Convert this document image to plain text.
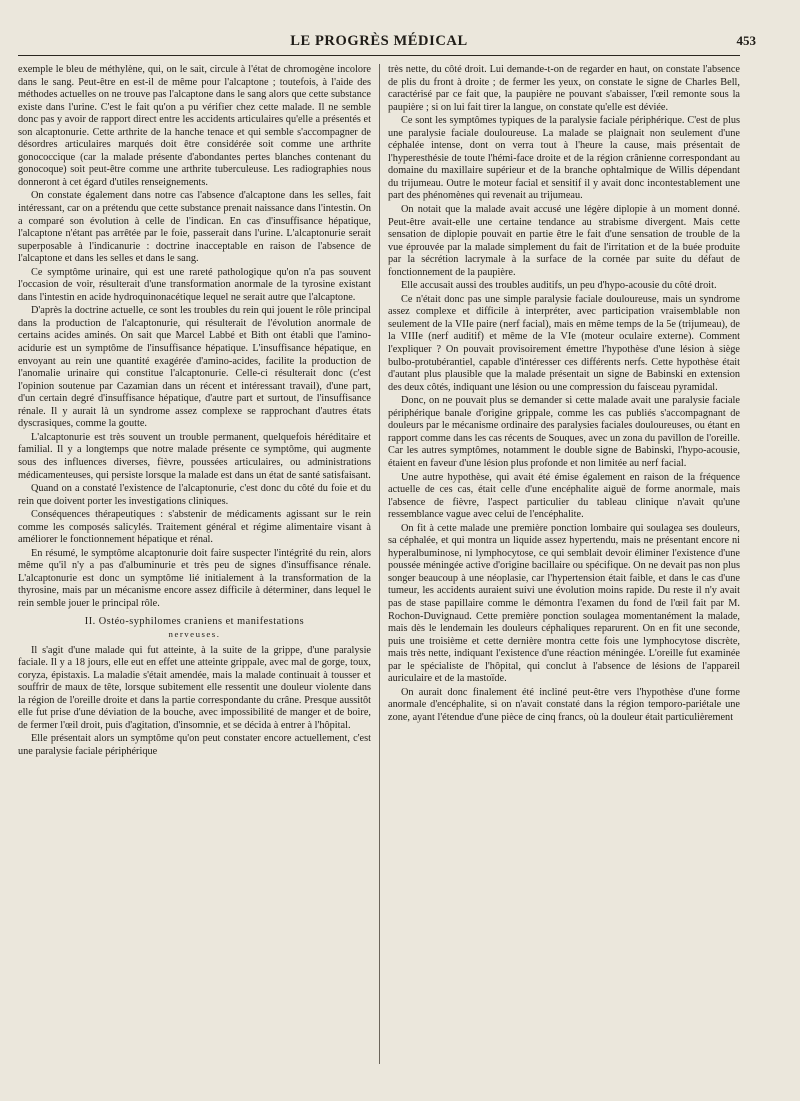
LE PROGRÈS MÉDICAL	453

exemple le bleu de méthylène, qui, on le sait, circule à l'état de chromogène incolore dans le sang. Peut-être en est-il de même pour l'alcaptone ; toutefois, à l'aide des méthodes actuelles on ne trouve pas l'alcaptone dans le sang alors que cette substance existe dans l'urine. C'est le fait qu'on a pu vérifier chez cette malade. Il ne semble donc pas y avoir de rapport direct entre les accidents articulaires qu'elle a présentés et son alcaptonurie. Cette arthrite de la hanche tenace et qui semble s'accompagner de désordres articulaires marqués doit être considérée soit comme une arthrite gonococcique (car la malade présente d'abondantes pertes blanches contenant du gonocoque) soit peut-être comme une arthrite tuberculeuse. Les radiographies nous donneront à cet égard d'utiles renseignements.

On constate également dans notre cas l'absence d'alcaptone dans les selles, fait intéressant, car on a prétendu que cette substance prenait naissance dans l'intestin. On a comparé son évolution à celle de l'indican. En cas d'insuffisance hépatique, l'alcaptone n'étant pas arrêtée par le foie, passerait dans l'urine. L'alcaptonurie serait superposable à l'indicanurie : doctrine inacceptable en raison de l'absence de l'alcaptone et dans les selles et dans le sang.

Ce symptôme urinaire, qui est une rareté pathologique qu'on n'a pas souvent l'occasion de voir, résulterait d'une transformation anormale de la tyrosine existant dans l'intestin en acide hydroquinonacétique lequel ne serait autre que l'alcaptone.

D'après la doctrine actuelle, ce sont les troubles du rein qui jouent le rôle principal dans la production de l'alcaptonurie, qui résulterait de l'évolution anormale de certains acides aminés. On sait que Marcel Labbé et Bith ont établi que l'amino-acidurie est un symptôme de l'insuffisance hépatique. L'insuffisance hépatique, en envoyant au rein une quantité exagérée d'amino-acides, facilite la production de l'anomalie urinaire qui constitue l'alcaptonurie. Celle-ci résulterait donc (c'est l'opinion soutenue par Cazamian dans un récent et intéressant travail), d'une part, d'un certain degré d'insuffisance hépatique, d'autre part et surtout, de l'insuffisance rénale. Il y aurait là un syndrome assez complexe se rapprochant d'autres états dyscrasiques, comme la goutte.

L'alcaptonurie est très souvent un trouble permanent, quelquefois héréditaire et familial. Il y a longtemps que notre malade présente ce symptôme, qui augmente sous des influences diverses, fièvre, poussées articulaires, ou administrations médicamenteuses, qui persiste lorsque la malade est dans un état de santé satisfaisant.

Quand on a constaté l'existence de l'alcaptonurie, c'est donc du côté du foie et du rein que doivent porter les investigations cliniques.

Conséquences thérapeutiques : s'abstenir de médicaments agissant sur le rein comme les composés salicylés. Traitement général et régime alimentaire visant à améliorer le fonctionnement hépatique et rénal.

En résumé, le symptôme alcaptonurie doit faire suspecter l'intégrité du rein, alors même qu'il n'y a pas d'albuminurie et très peu de signes d'insuffisance rénale. L'alcaptonurie est donc un symptôme lié initialement à la transformation de la thyrosine, mais par un mécanisme encore assez difficile à déterminer, dans lequel le rein semble jouer le principal rôle.

II. Ostéo-syphilomes craniens et manifestations
nerveuses.

Il s'agit d'une malade qui fut atteinte, à la suite de la grippe, d'une paralysie faciale. Il y a 18 jours, elle eut en effet une atteinte grippale, avec mal de gorge, toux, coryza, épistaxis. La maladie s'était amendée, mais la malade continuait à tousser et souffrir de maux de tête, lorsque subitement elle ressentit une douleur violente dans la région de l'oreille droite et dans la partie correspondante du crâne. Presque aussitôt elle fut prise d'une déviation de la bouche, avec impossibilité de manger et de boire, de fermer l'œil droit, puis d'agitation, d'insomnie, et se décida à entrer à l'hôpital.

Elle présentait alors un symptôme qu'on peut constater encore actuellement, c'est une paralysie faciale périphérique

très nette, du côté droit. Lui demande-t-on de regarder en haut, on constate l'absence de plis du front à droite ; de fermer les yeux, on constate le signe de Charles Bell, caractérisé par ce fait que, la paupière ne pouvant s'abaisser, l'œil remonte sous la paupière ; si on lui fait tirer la langue, on constate qu'elle est déviée.

Ce sont les symptômes typiques de la paralysie faciale périphérique. C'est de plus une paralysie faciale douloureuse. La malade se plaignait non seulement d'une céphalée intense, dont on verra tout à l'heure la cause, mais présentait de l'hyperesthésie de toute l'hémi-face droite et de la région crânienne correspondant au domaine du maxillaire supérieur et de la branche ophtalmique de Willis dépendant du trijumeau. Outre le moteur facial et sensitif il y avait donc incontestablement une part des phénomènes qui revenait au trijumeau.

On notait que la malade avait accusé une légère diplopie à un moment donné. Peut-être avait-elle une certaine tendance au strabisme divergent. Mais cette sensation de diplopie pouvait en partie être le fait d'une sensation de trouble de la vue éprouvée par la malade simplement du fait de l'irritation et de la buée produite par la sécrétion lacrymale à la surface de la cornée par suite du défaut de fonctionnement de la paupière.

Elle accusait aussi des troubles auditifs, un peu d'hypo-acousie du côté droit.

Ce n'était donc pas une simple paralysie faciale douloureuse, mais un syndrome assez complexe et difficile à interpréter, avec participation vraisemblable non seulement de la VIIe paire (nerf facial), mais en même temps de la 5e (trijumeau), de la VIIIe (nerf auditif) et même de la VIe (moteur oculaire externe). Comment l'expliquer ? On pouvait provisoirement émettre l'hypothèse d'une lésion à siège bulbo-protubérantiel, capable d'intéresser ces différents nerfs. Cette hypothèse était d'autant plus plausible que la malade présentait un signe de Babinski en extension des deux côtés, indiquant une lésion ou une compression du faisceau pyramidal.

Donc, on ne pouvait plus se demander si cette malade avait une paralysie faciale périphérique banale d'origine grippale, comme les cas publiés s'accompagnant de douleurs par le mécanisme ordinaire des paralysies faciales douloureuses, ou étant en rapport comme dans les cas récents de Souques, avec un zona du pavillon de l'oreille. Car les autres symptômes, notamment le double signe de Babinski, l'hypo-acousie, étaient en faveur d'une lésion plus profonde et non limitée au nerf facial.

Une autre hypothèse, qui avait été émise également en raison de la fréquence actuelle de ces cas, était celle d'une encéphalite aiguë de forme anormale, mais l'absence de fièvre, l'aspect particulier du tableau clinique n'avait qu'une ressemblance vague avec celui de l'encéphalite.

On fit à cette malade une première ponction lombaire qui soulagea ses douleurs, sa céphalée, et qui montra un liquide assez hypertendu, mais ne présentant encore ni hyperalbuminose, ni lymphocytose, ce qui semblait devoir éliminer l'existence d'une poussée méningée active d'origine bacillaire ou spécifique. On ne devait pas non plus songer beaucoup à une néoplasie, car l'hypertension était faible, et dans le cas d'une tumeur, les accidents auraient suivi une évolution moins rapide. Du reste il n'y avait pas de stase papillaire comme le démontra l'examen du fond de l'œil fait par M. Rochon-Duvignaud. Cette première ponction soulagea momentanément la malade, mais dès le lendemain les douleurs céphaliques reparurent. On en fit une seconde, puis une troisième et cette dernière montra cette fois une lymphocytose discrète, mais très nette, indiquant l'existence d'une réaction méningée. L'oreille fut examinée par le spécialiste de l'hôpital, qui conclut à l'absence de lésions de l'appareil auriculaire et de la mastoïde.

On aurait donc finalement été incliné peut-être vers l'hypothèse d'une forme anormale d'encéphalite, si on n'avait constaté dans la région temporo-pariétale une zone, ayant l'étendue d'une pièce de cinq francs, où la douleur était particulièrement
